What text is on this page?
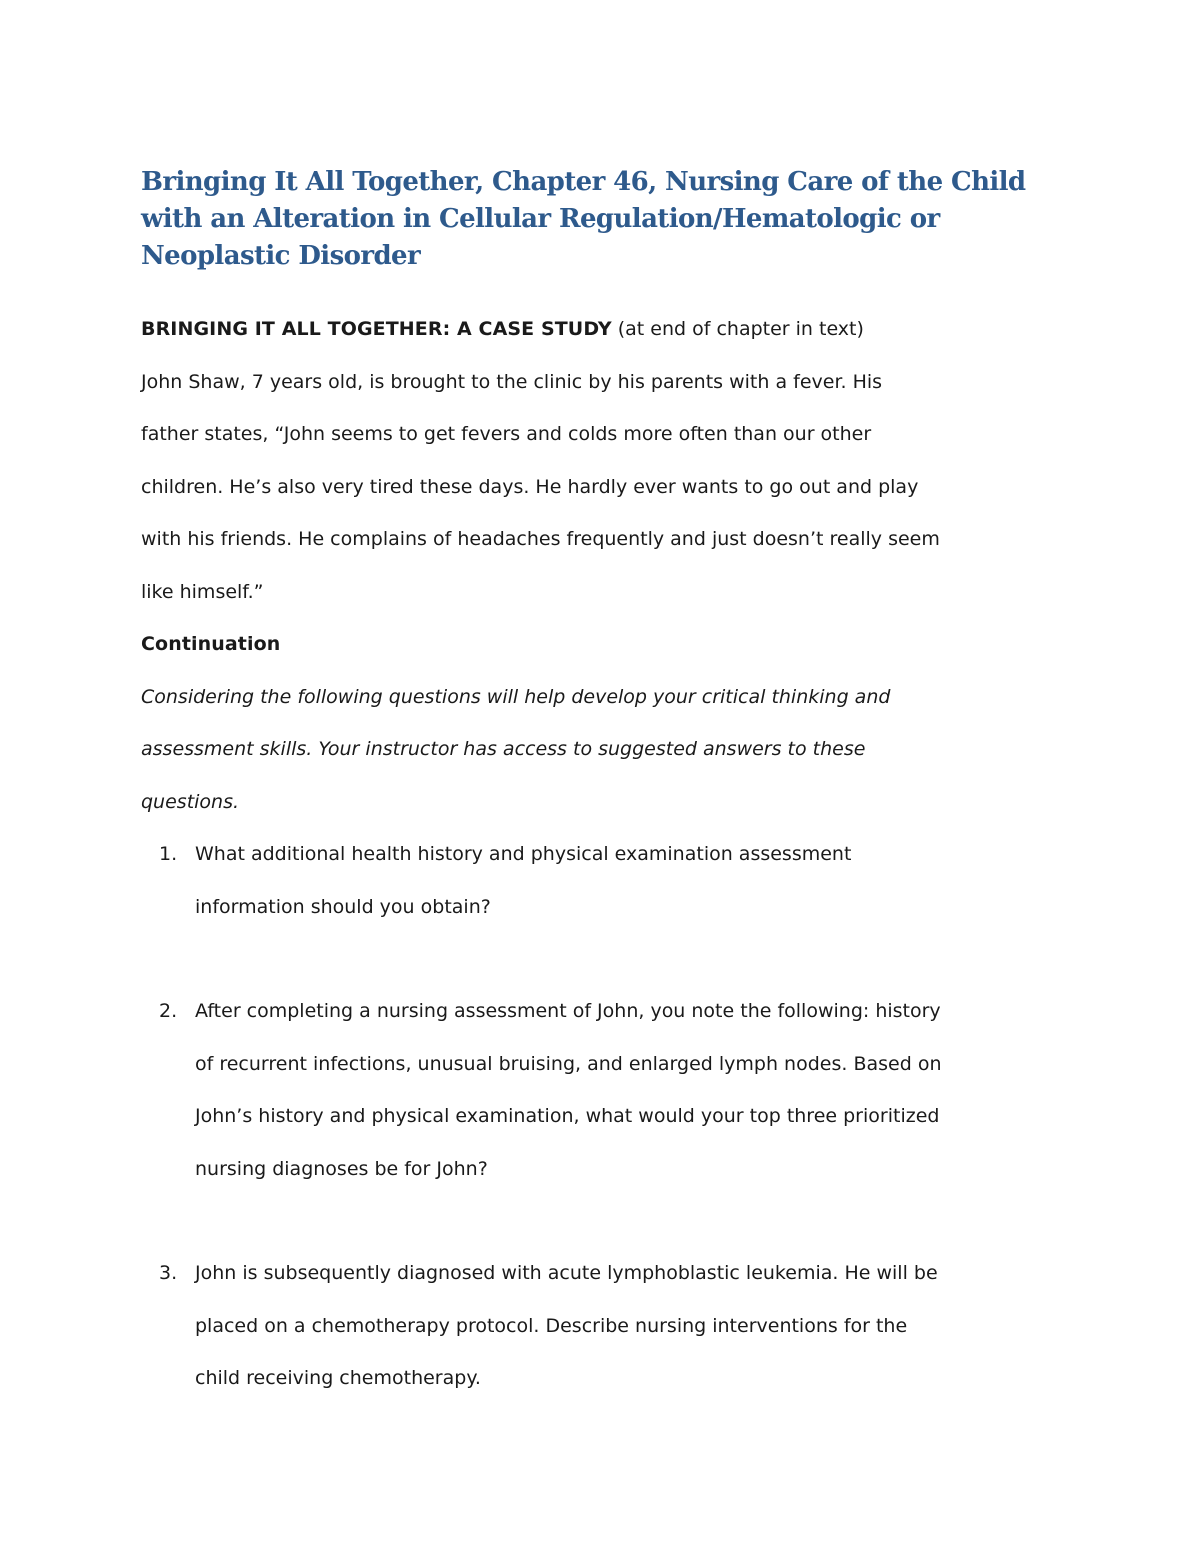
Bringing It All Together, Chapter 46, Nursing Care of the Child
with an Alteration in Cellular Regulation/Hematologic or
Neoplastic Disorder

BRINGING IT ALL TOGETHER: A CASE STUDY (at end of chapter in text)

John Shaw, 7 years old, is brought to the clinic by his parents with a fever. His

father states, “John seems to get fevers and colds more often than our other

children. He’s also very tired these days. He hardly ever wants to go out and play

with his friends. He complains of headaches frequently and just doesn’t really seem

like himself.”

Continuation

Considering the following questions will help develop your critical thinking and

assessment skills. Your instructor has access to suggested answers to these

questions.

1. What additional health history and physical examination assessment

information should you obtain?

2. After completing a nursing assessment of John, you note the following: history

of recurrent infections, unusual bruising, and enlarged lymph nodes. Based on

John’s history and physical examination, what would your top three prioritized

nursing diagnoses be for John?

3. John is subsequently diagnosed with acute lymphoblastic leukemia. He will be

placed on a chemotherapy protocol. Describe nursing interventions for the

child receiving chemotherapy.
